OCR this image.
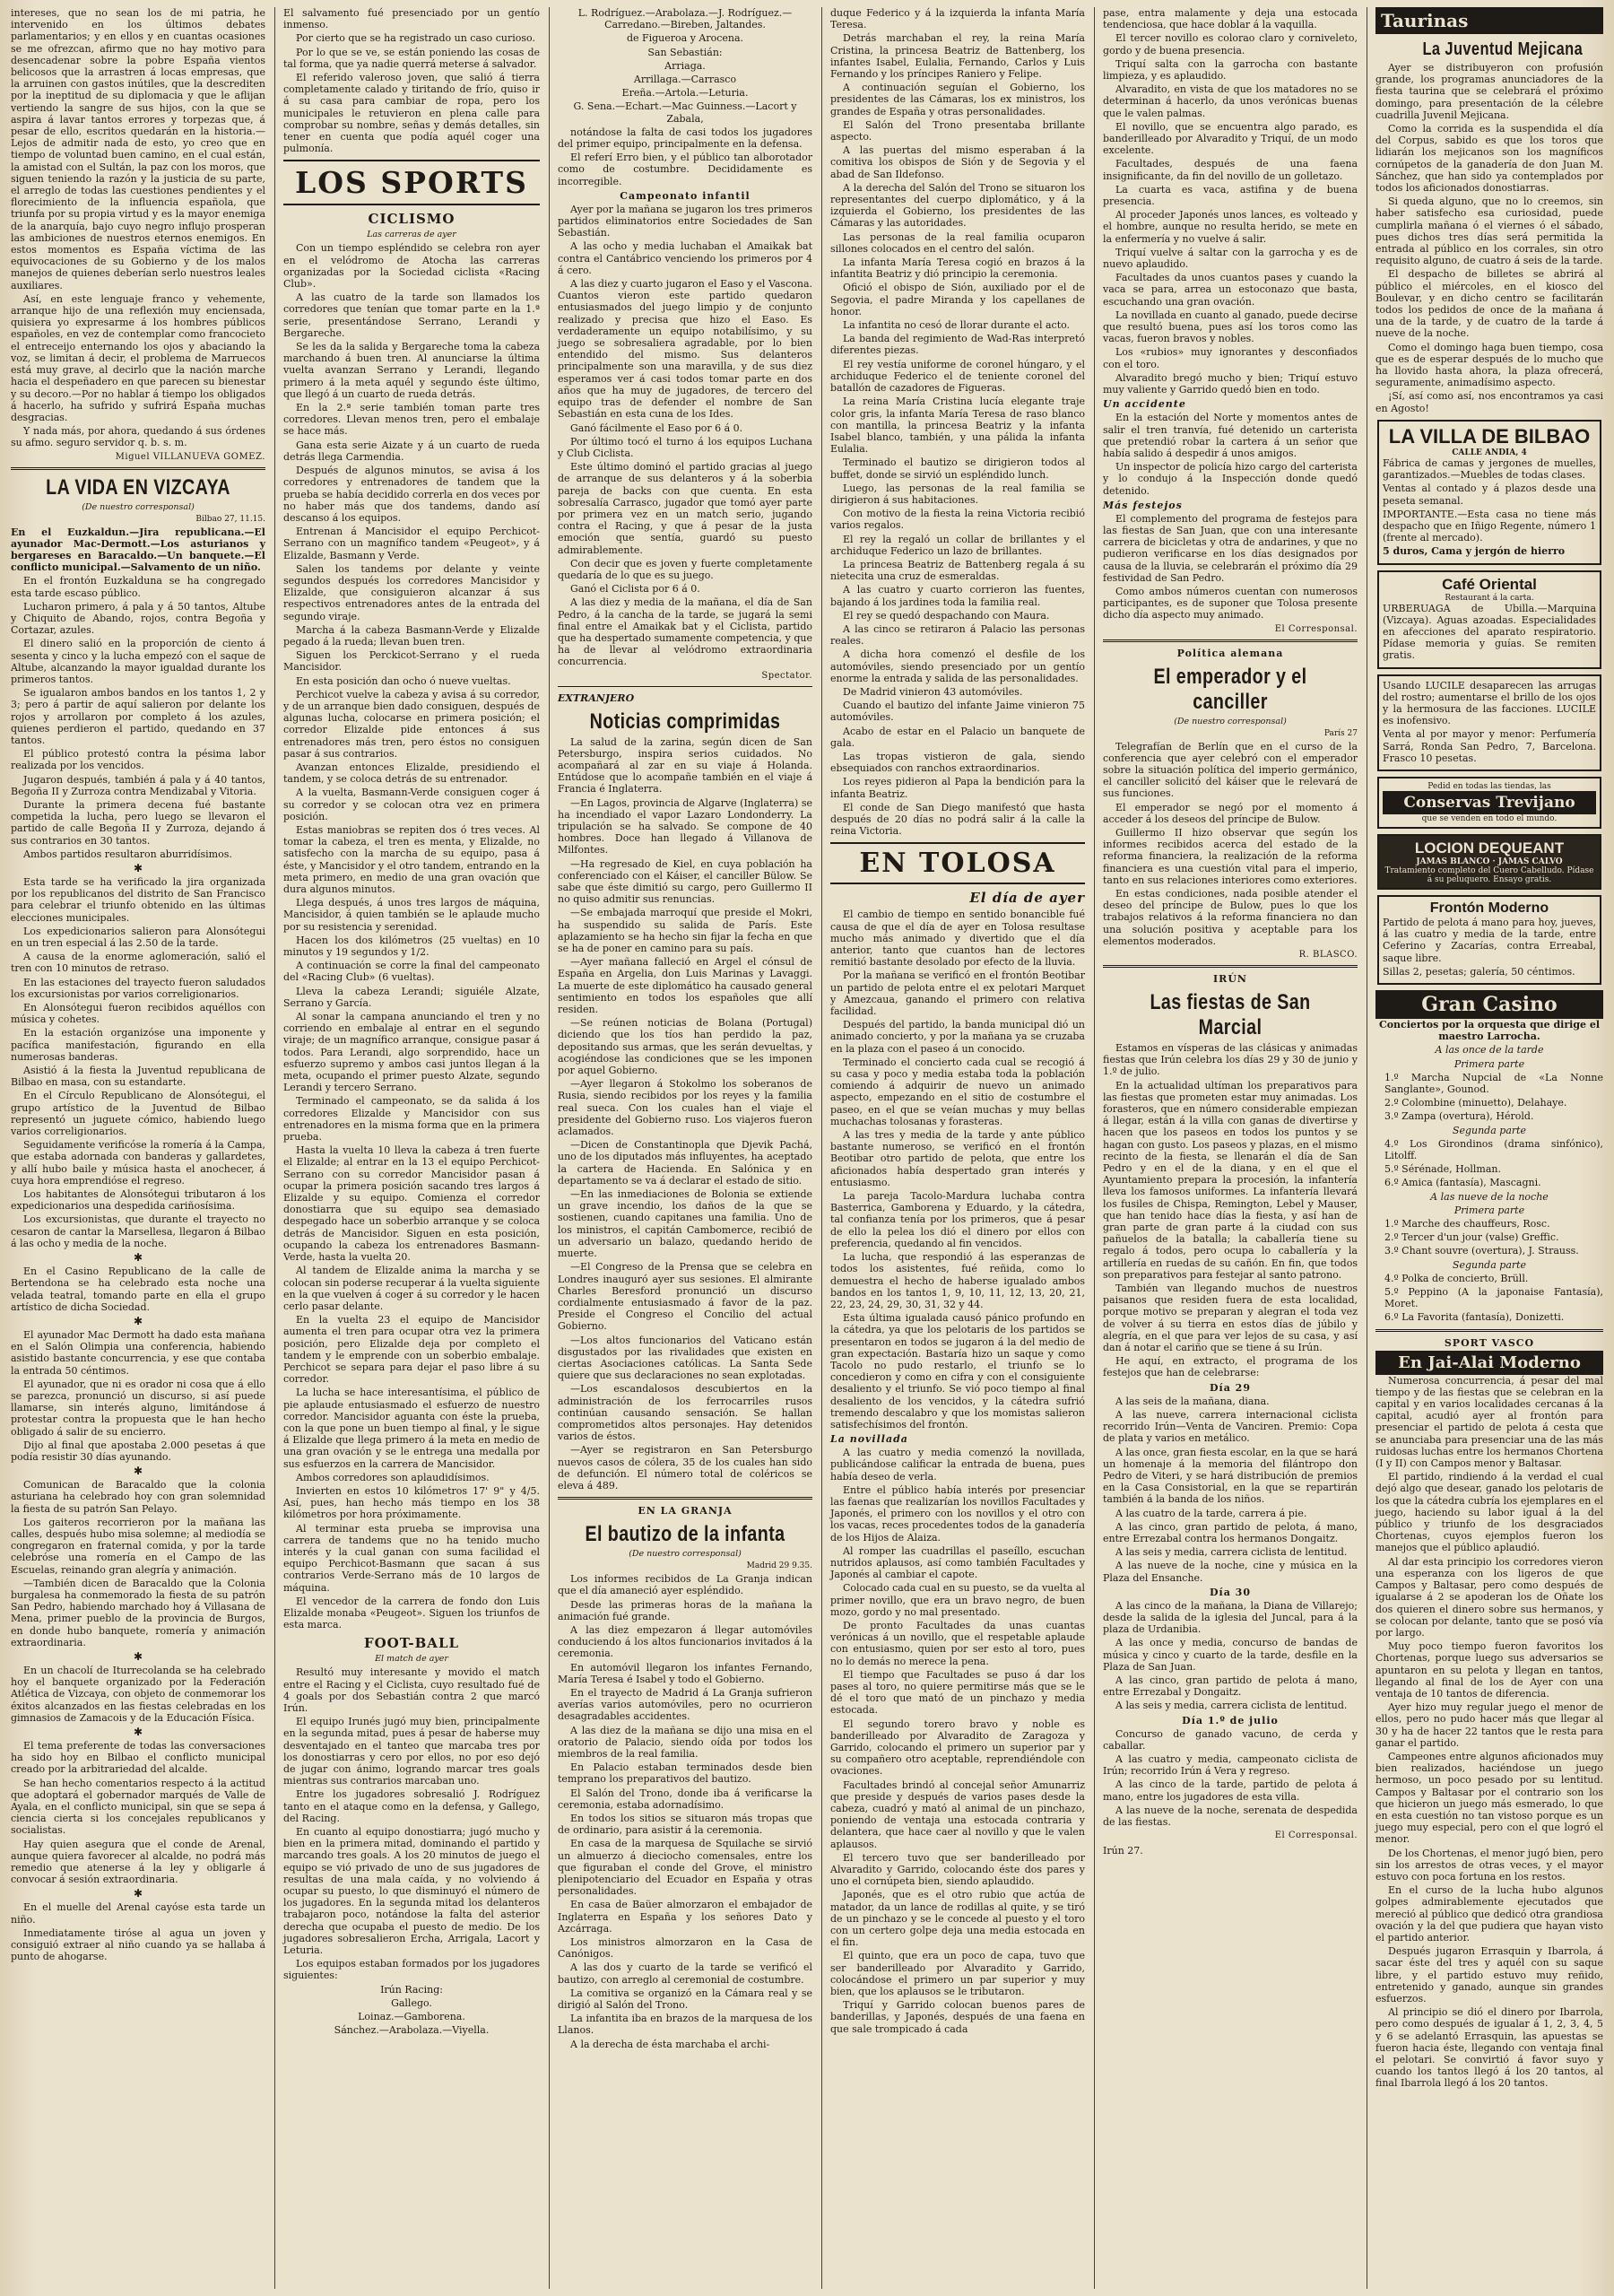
intereses, que no sean los de mi patria, he intervenido en los últimos debates parlamentarios; y en ellos y en cuantas ocasiones se me ofrezcan, afirmo que no hay motivo para desencadenar sobre la pobre España vientos belicosos que la arrastren á locas empresas, que la arruinen con gastos inútiles, que la descrediten por la ineptitud de su diplomacia y que le aflijan vertiendo la sangre de sus hijos, con la que se aspira á lavar tantos errores y torpezas que, á pesar de ello, escritos quedarán en la historia.—Lejos de admitir nada de esto, yo creo que en tiempo de voluntad buen camino, en el cual están, la amistad con el Sultán, la paz con los moros, que siguen teniendo la razón y la justicia de su parte, el arreglo de todas las cuestiones pendientes y el florecimiento de la influencia española, que triunfa por su propia virtud y es la mayor enemiga de la anarquía, bajo cuyo negro influjo prosperan las ambiciones de nuestros eternos enemigos. En estos momentos es España víctima de las equivocaciones de su Gobierno y de los malos manejos de quienes deberían serlo nuestros leales auxiliares.

Así, en este lenguaje franco y vehemente, arranque hijo de una reflexión muy enciensada, quisiera yo expresarme á los hombres públicos españoles, en vez de contemplar como francocieto el entreceijo enternando los ojos y abaciando la voz, se limitan á decir, el problema de Marruecos está muy grave, al decirlo que la nación marche hacia el despeñadero en que parecen su bienestar y su decoro.—Por no hablar á tiempo los obligados á hacerlo, ha sufrido y sufrirá España muchas desgracias.

Y nada más, por ahora, quedando á sus órdenes su afmo. seguro servidor q. b. s. m.

Miguel VILLANUEVA GOMEZ.
LA VIDA EN VIZCAYA
(De nuestro corresponsal)
Bilbao 27, 11.15.

En el Euzkaldun.—Jira republicana.—El ayunador Mac-Dermott.—Los asturianos y bergareses en Baracaldo.—Un banquete.—El conflicto municipal.—Salvamento de un niño.

En el frontón Euzkalduna se ha congregado esta tarde escaso público.

Lucharon primero, á pala y á 50 tantos, Altube y Chiquito de Abando, rojos, contra Begoña y Cortazar, azules.

El dinero salió en la proporción de ciento á sesenta y cinco y la lucha empezó con el saque de Altube, alcanzando la mayor igualdad durante los primeros tantos.

Se igualaron ambos bandos en los tantos 1, 2 y 3; pero á partir de aquí salieron por delante los rojos y arrollaron por completo á los azules, quienes perdieron el partido, quedando en 37 tantos.

El público protestó contra la pésima labor realizada por los vencidos.

Jugaron después, también á pala y á 40 tantos, Begoña II y Zurroza contra Mendizabal y Vitoria.

Durante la primera decena fué bastante competida la lucha, pero luego se llevaron el partido de calle Begoña II y Zurroza, dejando á sus contrarios en 30 tantos.

Ambos partidos resultaron aburridísimos.

✱

Esta tarde se ha verificado la jira organizada por los republicanos del distrito de San Francisco para celebrar el triunfo obtenido en las últimas elecciones municipales.

Los expedicionarios salieron para Alonsótegui en un tren especial á las 2.50 de la tarde.

A causa de la enorme aglomeración, salió el tren con 10 minutos de retraso.

En las estaciones del trayecto fueron saludados los excursionistas por varios correligionarios.

En Alonsótegui fueron recibidos aquéllos con música y cohetes.

En la estación organizóse una imponente y pacífica manifestación, figurando en ella numerosas banderas.

Asistió á la fiesta la Juventud republicana de Bilbao en masa, con su estandarte.

En el Círculo Republicano de Alonsótegui, el grupo artístico de la Juventud de Bilbao representó un juguete cómico, habiendo luego varios correligionarios.

Seguidamente verificóse la romería á la Campa, que estaba adornada con banderas y gallardetes, y allí hubo baile y música hasta el anochecer, á cuya hora emprendióse el regreso.

Los habitantes de Alonsótegui tributaron á los expedicionarios una despedida cariñosísima.

Los excursionistas, que durante el trayecto no cesaron de cantar la Marsellesa, llegaron á Bilbao á las ocho y media de la noche.

✱

En el Casino Republicano de la calle de Bertendona se ha celebrado esta noche una velada teatral, tomando parte en ella el grupo artístico de dicha Sociedad.

✱

El ayunador Mac Dermott ha dado esta mañana en el Salón Olimpia una conferencia, habiendo asistido bastante concurrencia, y ese que contaba la entrada 50 céntimos.

El ayunador, que ni es orador ni cosa que á ello se parezca, pronunció un discurso, si así puede llamarse, sin interés alguno, limitándose á protestar contra la propuesta que le han hecho obligado á salir de su encierro.

Dijo al final que apostaba 2.000 pesetas á que podía resistir 30 días ayunando.

✱

Comunican de Baracaldo que la colonia asturiana ha celebrado hoy con gran solemnidad la fiesta de su patrón San Pelayo.

Los gaiteros recorrieron por la mañana las calles, después hubo misa solemne; al mediodía se congregaron en fraternal comida, y por la tarde celebróse una romería en el Campo de las Escuelas, reinando gran alegría y animación.

—También dicen de Baracaldo que la Colonia burgalesa ha conmemorado la fiesta de su patrón San Pedro, habiendo marchado hoy á Villasana de Mena, primer pueblo de la provincia de Burgos, en donde hubo banquete, romería y animación extraordinaria.

✱

En un chacolí de Iturrecolanda se ha celebrado hoy el banquete organizado por la Federación Atlética de Vizcaya, con objeto de conmemorar los éxitos alcanzados en las fiestas celebradas en los gimnasios de Zamacois y de la Educación Física.

✱

El tema preferente de todas las conversaciones ha sido hoy en Bilbao el conflicto municipal creado por la arbitrariedad del alcalde.

Se han hecho comentarios respecto á la actitud que adoptará el gobernador marqués de Valle de Ayala, en el conflicto municipal, sin que se sepa á ciencia cierta si los concejales republicanos y socialistas.

Hay quien asegura que el conde de Arenal, aunque quiera favorecer al alcalde, no podrá más remedio que atenerse á la ley y obligarle á convocar á sesión extraordinaria.

✱

En el muelle del Arenal cayóse esta tarde un niño.

Inmediatamente tiróse al agua un joven y consiguió extraer al niño cuando ya se hallaba á punto de ahogarse.

El salvamento fué presenciado por un gentío inmenso.

Por cierto que se ha registrado un caso curioso.

Por lo que se ve, se están poniendo las cosas de tal forma, que ya nadie querrá meterse á salvador.

El referido valeroso joven, que salió á tierra completamente calado y tiritando de frío, quiso ir á su casa para cambiar de ropa, pero los municipales le retuvieron en plena calle para comprobar su nombre, señas y demás detalles, sin tener en cuenta que podía aquél coger una pulmonía.

LOS SPORTS
CICLISMO
Las carreras de ayer

Con un tiempo espléndido se celebra ron ayer en el velódromo de Atocha las carreras organizadas por la Sociedad ciclista «Racing Club».

A las cuatro de la tarde son llamados los corredores que tenían que tomar parte en la 1.ª serie, presentándose Serrano, Lerandi y Bergareche.

Se les da la salida y Bergareche toma la cabeza marchando á buen tren. Al anunciarse la última vuelta avanzan Serrano y Lerandi, llegando primero á la meta aquél y segundo éste último, que llegó á un cuarto de rueda detrás.

En la 2.ª serie también toman parte tres corredores. Llevan menos tren, pero el embalaje se hace más.

Gana esta serie Aizate y á un cuarto de rueda detrás llega Carmendia.

Después de algunos minutos, se avisa á los corredores y entrenadores de tandem que la prueba se había decidido correrla en dos veces por no haber más que dos tandems, dando así descanso á los equipos.

Entrenan á Mancisidor el equipo Perchicot-Serrano con un magnífico tandem «Peugeot», y á Elizalde, Basmann y Verde.

Salen los tandems por delante y veinte segundos después los corredores Mancisidor y Elizalde, que consiguieron alcanzar á sus respectivos entrenadores antes de la entrada del segundo viraje.

Marcha á la cabeza Basmann-Verde y Elizalde pegado á la rueda; llevan buen tren.

Siguen los Perckicot-Serrano y el rueda Mancisidor.

En esta posición dan ocho ó nueve vueltas.

Perchicot vuelve la cabeza y avisa á su corredor, y de un arranque bien dado consiguen, después de algunas lucha, colocarse en primera posición; el corredor Elizalde pide entonces á sus entrenadores más tren, pero éstos no consiguen pasar á sus contrarios.

Avanzan entonces Elizalde, presidiendo el tandem, y se coloca detrás de su entrenador.

A la vuelta, Basmann-Verde consiguen coger á su corredor y se colocan otra vez en primera posición.

Estas maniobras se repiten dos ó tres veces. Al tomar la cabeza, el tren es menta, y Elizalde, no satisfecho con la marcha de su equipo, pasa á éste, y Mancisidor y el otro tandem, entrando en la meta primero, en medio de una gran ovación que dura algunos minutos.

Llega después, á unos tres largos de máquina, Mancisidor, á quien también se le aplaude mucho por su resistencia y serenidad.

Hacen los dos kilómetros (25 vueltas) en 10 minutos y 19 segundos y 1/2.

A continuación se corre la final del campeonato del «Racing Club» (6 vueltas).

Lleva la cabeza Lerandi; siguiéle Alzate, Serrano y García.

Al sonar la campana anunciando el tren y no corriendo en embalaje al entrar en el segundo viraje; de un magnífico arranque, consigue pasar á todos. Para Lerandi, algo sorprendido, hace un esfuerzo supremo y ambos casi juntos llegan á la meta, ocupando el primer puesto Alzate, segundo Lerandi y tercero Serrano.

Terminado el campeonato, se da salida á los corredores Elizalde y Mancisidor con sus entrenadores en la misma forma que en la primera prueba.

Hasta la vuelta 10 lleva la cabeza á tren fuerte el Elizalde; al entrar en la 13 el equipo Perchicot-Serrano con su corredor Mancisidor pasan á ocupar la primera posición sacando tres largos á Elizalde y su equipo. Comienza el corredor donostiarra que su equipo sea demasiado despegado hace un soberbio arranque y se coloca detrás de Mancisidor. Siguen en esta posición, ocupando la cabeza los entrenadores Basmann-Verde, hasta la vuelta 20.

Al tandem de Elizalde anima la marcha y se colocan sin poderse recuperar á la vuelta siguiente en la que vuelven á coger á su corredor y le hacen cerlo pasar delante.

En la vuelta 23 el equipo de Mancisidor aumenta el tren para ocupar otra vez la primera posición, pero Elizalde deja por completo el tandem y le emprende con un soberbio embalaje. Perchicot se separa para dejar el paso libre á su corredor.

La lucha se hace interesantísima, el público de pie aplaude entusiasmado el esfuerzo de nuestro corredor. Mancisidor aguanta con éste la prueba, con la que pone un buen tiempo al final, y le sigue á Elizalde que llega primero á la meta en medio de una gran ovación y se le entrega una medalla por sus esfuerzos en la carrera de Mancisidor.

Ambos corredores son aplaudidísimos.

Invierten en estos 10 kilómetros 17' 9" y 4/5. Así, pues, han hecho más tiempo en los 38 kilómetros por hora próximamente.

Al terminar esta prueba se improvisa una carrera de tandems que no ha tenido mucho interés y la cual ganan con suma facilidad el equipo Perchicot-Basmann que sacan á sus contrarios Verde-Serrano más de 10 largos de máquina.

El vencedor de la carrera de fondo don Luis Elizalde monaba «Peugeot». Siguen los triunfos de esta marca.

FOOT-BALL
El match de ayer

Resultó muy interesante y movido el match entre el Racing y el Ciclista, cuyo resultado fué de 4 goals por dos Sebastián contra 2 que marcó Irún.

El equipo Irunés jugó muy bien, principalmente en la segunda mitad, pues á pesar de haberse muy desventajado en el tanteo que marcaba tres por los donostiarras y cero por ellos, no por eso dejó de jugar con ánimo, logrando marcar tres goals mientras sus contrarios marcaban uno.

Entre los jugadores sobresalió J. Rodríguez tanto en el ataque como en la defensa, y Gallego, del Racing.

En cuanto al equipo donostiarra; jugó mucho y bien en la primera mitad, dominando el partido y marcando tres goals. A los 20 minutos de juego el equipo se vió privado de uno de sus jugadores de resultas de una mala caída, y no volviendo á ocupar su puesto, lo que disminuyó el número de los jugadores. En la segunda mitad los delanteros trabajaron poco, notándose la falta del asterior derecha que ocupaba el puesto de medio. De los jugadores sobresalieron Ercha, Arrigala, Lacort y Leturia.

Los equipos estaban formados por los jugadores siguientes:

Irún Racing:

Gallego.

Loinaz.—Gamborena.

Sánchez.—Arabolaza.—Viyella.

L. Rodríguez.—Arabolaza.—J. Rodríguez.—Carredano.—Bireben, Jaltandes.

de Figueroa y Arocena.

San Sebastián:

Arriaga.

Arrillaga.—Carrasco

Ereña.—Artola.—Leturia.

G. Sena.—Echart.—Mac Guinness.—Lacort y Zabala,

notándose la falta de casi todos los jugadores del primer equipo, principalmente en la defensa.

El referí Erro bien, y el público tan alborotador como de costumbre. Decididamente es incorregible.

Campeonato infantil

Ayer por la mañana se jugaron los tres primeros partidos eliminatorios entre Sociedades de San Sebastián.

A las ocho y media luchaban el Amaikak bat contra el Cantábrico venciendo los primeros por 4 á cero.

A las diez y cuarto jugaron el Easo y el Vascona. Cuantos vieron este partido quedaron entusiasmados del juego limpio y de conjunto realizado y precisa que hizo el Easo. Es verdaderamente un equipo notabilísimo, y su juego se sobresaliera agradable, por lo bien entendido del mismo. Sus delanteros principalmente son una maravilla, y de sus diez esperamos ver á casi todos tomar parte en dos años que ha muy de jugadores, de tercero del equipo tras de defender el nombre de San Sebastián en esta cuna de los Ides.

Ganó fácilmente el Easo por 6 á 0.

Por último tocó el turno á los equipos Luchana y Club Ciclista.

Este último dominó el partido gracias al juego de arranque de sus delanteros y á la soberbia pareja de backs con que cuenta. En esta sobresalía Carrasco, jugador que tomó ayer parte por primera vez en un match serio, jugando contra el Racing, y que á pesar de la justa emoción que sentía, guardó su puesto admirablemente.

Con decir que es joven y fuerte completamente quedaría de lo que es su juego.

Ganó el Ciclista por 6 á 0.

A las diez y media de la mañana, el día de San Pedro, á la cancha de la tarde, se jugará la semi final entre el Amaikak bat y el Ciclista, partido que ha despertado sumamente competencia, y que ha de llevar al velódromo extraordinaria concurrencia.

Spectator.
EXTRANJERO
Noticias comprimidas

La salud de la zarina, según dicen de San Petersburgo, inspira serios cuidados. No acompañará al zar en su viaje á Holanda. Entúdose que lo acompañe también en el viaje á Francia é Inglaterra.

—En Lagos, provincia de Algarve (Inglaterra) se ha incendiado el vapor Lazaro Londonderry. La tripulación se ha salvado. Se compone de 40 hombres. Doce han llegado á Villanova de Milfontes.

—Ha regresado de Kiel, en cuya población ha conferenciado con el Káiser, el canciller Bülow. Se sabe que éste dimitió su cargo, pero Guillermo II no quiso admitir sus renuncias.

—Se embajada marroquí que preside el Mokri, ha suspendido su salida de París. Este aplazamiento se ha hecho sin fijar la fecha en que se ha de poner en camino para su país.

—Ayer mañana falleció en Argel el cónsul de España en Argelia, don Luis Marinas y Lavaggi. La muerte de este diplomático ha causado general sentimiento en todos los españoles que allí residen.

—Se reúnen noticias de Bolana (Portugal) diciendo que los tíos han perdido la paz, depositando sus armas, que les serán devueltas, y acogiéndose las condiciones que se les imponen por aquel Gobierno.

—Ayer llegaron á Stokolmo los soberanos de Rusia, siendo recibidos por los reyes y la familia real sueca. Con los cuales han el viaje el presidente del Gobierno ruso. Los viajeros fueron aclamados.

—Dicen de Constantinopla que Djevik Pachá, uno de los diputados más influyentes, ha aceptado la cartera de Hacienda. En Salónica y en departamento se va á declarar el estado de sitio.

—En las inmediaciones de Bolonia se extiende un grave incendio, los daños de la que se sostienen, cuando capitanes una familia. Uno de los ministros, el capitán Cambomerce, recibió de un adversario un balazo, quedando herido de muerte.

—El Congreso de la Prensa que se celebra en Londres inauguró ayer sus sesiones. El almirante Charles Beresford pronunció un discurso cordialmente entusiasmado á favor de la paz. Preside el Congreso el Concilio del actual Gobierno.

—Los altos funcionarios del Vaticano están disgustados por las rivalidades que existen en ciertas Asociaciones católicas. La Santa Sede quiere que sus declaraciones no sean explotadas.

—Los escandalosos descubiertos en la administración de los ferrocarriles rusos continúan causando sensación. Se hallan comprometidos altos personajes. Hay detenidos varios de éstos.

—Ayer se registraron en San Petersburgo nuevos casos de cólera, 35 de los cuales han sido de defunción. El número total de coléricos se eleva á 489.

EN LA GRANJA
El bautizo de la infanta
(De nuestro corresponsal)
Madrid 29 9.35.

Los informes recibidos de La Granja indican que el día amaneció ayer espléndido.

Desde las primeras horas de la mañana la animación fué grande.

A las diez empezaron á llegar automóviles conduciendo á los altos funcionarios invitados á la ceremonia.

En automóvil llegaron los infantes Fernando, María Teresa é Isabel y todo el Gobierno.

En el trayecto de Madrid á La Granja sufrieron averías varios automóviles, pero no ocurrieron desagradables accidentes.

A las diez de la mañana se dijo una misa en el oratorio de Palacio, siendo oída por todos los miembros de la real familia.

En Palacio estaban terminados desde bien temprano los preparativos del bautizo.

El Salón del Trono, donde iba á verificarse la ceremonia, estaba adornadísimo.

En todos los sitios se situaron más tropas que de ordinario, para asistir á la ceremonia.

En casa de la marquesa de Squilache se sirvió un almuerzo á dieciocho comensales, entre los que figuraban el conde del Grove, el ministro plenipotenciario del Ecuador en España y otras personalidades.

En casa de Baüer almorzaron el embajador de Inglaterra en España y los señores Dato y Azcárraga.

Los ministros almorzaron en la Casa de Canónigos.

A las dos y cuarto de la tarde se verificó el bautizo, con arreglo al ceremonial de costumbre.

La comitiva se organizó en la Cámara real y se dirigió al Salón del Trono.

La infantita iba en brazos de la marquesa de los Llanos.

A la derecha de ésta marchaba el archi-

duque Federico y á la izquierda la infanta María Teresa.

Detrás marchaban el rey, la reina María Cristina, la princesa Beatriz de Battenberg, los infantes Isabel, Eulalia, Fernando, Carlos y Luis Fernando y los príncipes Raniero y Felipe.

A continuación seguían el Gobierno, los presidentes de las Cámaras, los ex ministros, los grandes de España y otras personalidades.

El Salón del Trono presentaba brillante aspecto.

A las puertas del mismo esperaban á la comitiva los obispos de Sión y de Segovia y el abad de San Ildefonso.

A la derecha del Salón del Trono se situaron los representantes del cuerpo diplomático, y á la izquierda el Gobierno, los presidentes de las Cámaras y las autoridades.

Las personas de la real familia ocuparon sillones colocados en el centro del salón.

La infanta María Teresa cogió en brazos á la infantita Beatriz y dió principio la ceremonia.

Ofició el obispo de Sión, auxiliado por el de Segovia, el padre Miranda y los capellanes de honor.

La infantita no cesó de llorar durante el acto.

La banda del regimiento de Wad-Ras interpretó diferentes piezas.

El rey vestía uniforme de coronel húngaro, y el archiduque Federico el de teniente coronel del batallón de cazadores de Figueras.

La reina María Cristina lucía elegante traje color gris, la infanta María Teresa de raso blanco con mantilla, la princesa Beatriz y la infanta Isabel blanco, también, y una pálida la infanta Eulalia.

Terminado el bautizo se dirigieron todos al buffet, donde se sirvió un espléndido lunch.

Luego, las personas de la real familia se dirigieron á sus habitaciones.

Con motivo de la fiesta la reina Victoria recibió varios regalos.

El rey la regaló un collar de brillantes y el archiduque Federico un lazo de brillantes.

La princesa Beatriz de Battenberg regala á su nietecita una cruz de esmeraldas.

A las cuatro y cuarto corrieron las fuentes, bajando á los jardines toda la familia real.

El rey se quedó despachando con Maura.

A las cinco se retiraron á Palacio las personas reales.

A dicha hora comenzó el desfile de los automóviles, siendo presenciado por un gentío enorme la entrada y salida de las personalidades.

De Madrid vinieron 43 automóviles.

Cuando el bautizo del infante Jaime vinieron 75 automóviles.

Acabo de estar en el Palacio un banquete de gala.

Las tropas vistieron de gala, siendo ebsequiados con ranchos extraordinarios.

Los reyes pidieron al Papa la bendición para la infanta Beatriz.

El conde de San Diego manifestó que hasta después de 20 días no podrá salir á la calle la reina Victoria.

EN TOLOSA
El día de ayer

El cambio de tiempo en sentido bonancible fué causa de que el día de ayer en Tolosa resultase mucho más animado y divertido que el día anterior, tanto que cuantos han de lectores remitió bastante desolado por efecto de la lluvia.

Por la mañana se verificó en el frontón Beotibar un partido de pelota entre el ex pelotari Marquet y Amezcaua, ganando el primero con relativa facilidad.

Después del partido, la banda municipal dió un animado concierto, y por la mañana ya se cruzaba en la plaza con el paseo á un conocido.

Terminado el concierto cada cual se recogió á su casa y poco y media estaba toda la población comiendo á adquirir de nuevo un animado aspecto, empezando en el sitio de costumbre el paseo, en el que se veían muchas y muy bellas muchachas tolosanas y forasteras.

A las tres y media de la tarde y ante público bastante numeroso, se verificó en el frontón Beotibar otro partido de pelota, que entre los aficionados había despertado gran interés y entusiasmo.

La pareja Tacolo-Mardura luchaba contra Basterrica, Gamborena y Eduardo, y la cátedra, tal confianza tenía por los primeros, que á pesar de ello la pelea los dió el dinero por ellos con preferencia, quedando al fin vencidos.

La lucha, que respondió á las esperanzas de todos los asistentes, fué reñida, como lo demuestra el hecho de haberse igualado ambos bandos en los tantos 1, 9, 10, 11, 12, 13, 20, 21, 22, 23, 24, 29, 30, 31, 32 y 44.

Esta última igualada causó pánico profundo en la cátedra, ya que los pelotaris de los partidos se presentaron en todos se jugaron á la del medio de gran expectación. Bastaría hizo un saque y como Tacolo no pudo restarlo, el triunfo se lo concedieron y como en cifra y con el consiguiente desaliento y el triunfo. Se vió poco tiempo al final desaliento de los vencidos, y la cátedra sufrió tremendo descalabro y que los momistas salieron satisfechísimos del frontón.

La novillada

A las cuatro y media comenzó la novillada, publicándose calificar la entrada de buena, pues había deseo de verla.

Entre el público había interés por presenciar las faenas que realizarían los novillos Facultades y Japonés, el primero con los novillos y el otro con los vacas, reces procedentes todos de la ganadería de los Hijos de Alaiza.

Al romper las cuadrillas el paseíllo, escuchan nutridos aplausos, así como también Facultades y Japonés al cambiar el capote.

Colocado cada cual en su puesto, se da vuelta al primer novillo, que era un bravo negro, de buen mozo, gordo y no mal presentado.

De pronto Facultades da unas cuantas verónicas á un novillo, que el respetable aplaude con entusiasmo, quien por ser esto al toro, pues no lo demás no merece la pena.

El tiempo que Facultades se puso á dar los pases al toro, no quiere permitirse más que se le dé el toro que mató de un pinchazo y media estocada.

El segundo torero bravo y noble es banderilleado por Alvaradito de Zaragoza y Garrido, colocando el primero un superior par y su compañero otro aceptable, reprendiéndole con ovaciones.

Facultades brindó al concejal señor Amunarriz que preside y después de varios pases desde la cabeza, cuadró y mató al animal de un pinchazo, poniendo de ventaja una estocada contraria y delantera, que hace caer al novillo y que le valen aplausos.

El tercero tuvo que ser banderilleado por Alvaradito y Garrido, colocando éste dos pares y uno el cornúpeta bien, siendo aplaudido.

Japonés, que es el otro rubio que actúa de matador, da un lance de rodillas al quite, y se tiró de un pinchazo y se le concede al puesto y el toro con un certero golpe deja una media estocada en el fin.

El quinto, que era un poco de capa, tuvo que ser banderilleado por Alvaradito y Garrido, colocándose el primero un par superior y muy bien, que los aplausos se le tributaron.

Triquí y Garrido colocan buenos pares de banderillas, y Japonés, después de una faena en que sale trompicado á cada

pase, entra malamente y deja una estocada tendenciosa, que hace doblar á la vaquilla.

El tercer novillo es colorao claro y corniveleto, gordo y de buena presencia.

Triquí salta con la garrocha con bastante limpieza, y es aplaudido.

Alvaradito, en vista de que los matadores no se determinan á hacerlo, da unos verónicas buenas que le valen palmas.

El novillo, que se encuentra algo parado, es banderilleado por Alvaradito y Triquí, de un modo excelente.

Facultades, después de una faena insignificante, da fin del novillo de un golletazo.

La cuarta es vaca, astifina y de buena presencia.

Al proceder Japonés unos lances, es volteado y el hombre, aunque no resulta herido, se mete en la enfermería y no vuelve á salir.

Triquí vuelve á saltar con la garrocha y es de nuevo aplaudido.

Facultades da unos cuantos pases y cuando la vaca se para, arrea un estoconazo que basta, escuchando una gran ovación.

La novillada en cuanto al ganado, puede decirse que resultó buena, pues así los toros como las vacas, fueron bravos y nobles.

Los «rubios» muy ignorantes y desconfiados con el toro.

Alvaradito bregó mucho y bien; Triquí estuvo muy valiente y Garrido quedó bien en todo.

Un accidente

En la estación del Norte y momentos antes de salir el tren tranvía, fué detenido un carterista que pretendió robar la cartera á un señor que había salido á despedir á unos amigos.

Un inspector de policía hizo cargo del carterista y lo condujo á la Inspección donde quedó detenido.

Más festejos

El complemento del programa de festejos para las fiestas de San Juan, que con una interesante carrera de bicicletas y otra de andarines, y que no pudieron verificarse en los días designados por causa de la lluvia, se celebrarán el próximo día 29 festividad de San Pedro.

Como ambos números cuentan con numerosos participantes, es de suponer que Tolosa presente dicho día aspecto muy animado.

El Corresponsal.
Política alemana
El emperador y el canciller
(De nuestro corresponsal)
París 27

Telegrafían de Berlín que en el curso de la conferencia que ayer celebró con el emperador sobre la situación política del imperio germánico, el canciller solicitó del káiser que le relevará de sus funciones.

El emperador se negó por el momento á acceder á los deseos del príncipe de Bulow.

Guillermo II hizo observar que según los informes recibidos acerca del estado de la reforma financiera, la realización de la reforma financiera es una cuestión vital para el imperio, tanto en sus relaciones interiores como exteriores.

En estas condiciones, nada posible atender el deseo del príncipe de Bulow, pues lo que los trabajos relativos á la reforma financiera no dan una solución positiva y aceptable para los elementos moderados.

R. BLASCO.
IRÚN
Las fiestas de San Marcial

Estamos en vísperas de las clásicas y animadas fiestas que Irún celebra los días 29 y 30 de junio y 1.º de julio.

En la actualidad ultíman los preparativos para las fiestas que prometen estar muy animadas. Los forasteros, que en número considerable empiezan á llegar, están á la villa con ganas de divertirse y hacen que los paseos en todos los puntos y se hagan con gusto. Los paseos y plazas, en el mismo recinto de la fiesta, se llenarán el día de San Pedro y en el de la diana, y en el que el Ayuntamiento prepara la procesión, la infantería lleva los famosos uniformes. La infantería llevará los fusiles de Chispa, Remington, Lebel y Mauser, que han tenido hace días la fiesta, y así han de gran parte de gran parte á la ciudad con sus pañuelos de la batalla; la caballería tiene su regalo á todos, pero ocupa lo caballería y la artillería en ruedas de su cañón. En fin, que todos son preparativos para festejar al santo patrono.

También van llegando muchos de nuestros paisanos que residen fuera de esta localidad, porque motivo se preparan y alegran el toda vez de volver á su tierra en estos días de júbilo y alegría, en el que para ver lejos de su casa, y así dan á notar el cariño que se tiene á su Irún.

He aquí, en extracto, el programa de los festejos que han de celebrarse:

Día 29

A las seis de la mañana, diana.

A las nueve, carrera internacional ciclista recorrido Irún—Venta de Vanciren. Premio: Copa de plata y varios en metálico.

A las once, gran fiesta escolar, en la que se hará un homenaje á la memoria del filántropo don Pedro de Viteri, y se hará distribución de premios en la Casa Consistorial, en la que se repartirán también á la banda de los niños.

A las cuatro de la tarde, carrera á pie.

A las cinco, gran partido de pelota, á mano, entre Errezabal contra los hermanos Dongaitz.

A las seis y media, carrera ciclista de lentitud.

A las nueve de la noche, cine y música en la Plaza del Ensanche.

Día 30

A las cinco de la mañana, la Diana de Villarejo; desde la salida de la iglesia del Juncal, para á la plaza de Urdanibia.

A las once y media, concurso de bandas de música y cinco y cuarto de la tarde, desfile en la Plaza de San Juan.

A las cinco, gran partido de pelota á mano, entre Errezabal y Dongaitz.

A las seis y media, carrera ciclista de lentitud.

Día 1.º de julio

Concurso de ganado vacuno, de cerda y caballar.

A las cuatro y media, campeonato ciclista de Irún; recorrido Irún á Vera y regreso.

A las cinco de la tarde, partido de pelota á mano, entre los jugadores de esta villa.

A las nueve de la noche, serenata de despedida de las fiestas.

El Corresponsal.

Irún 27.

Taurinas
La Juventud Mejicana

Ayer se distribuyeron con profusión grande, los programas anunciadores de la fiesta taurina que se celebrará el próximo domingo, para presentación de la célebre cuadrilla Juvenil Mejicana.

Como la corrida es la suspendida el día del Corpus, sabido es que los toros que lidiarán los mejicanos son los magníficos cornúpetos de la ganadería de don Juan M. Sánchez, que han sido ya contemplados por todos los aficionados donostiarras.

Si queda alguno, que no lo creemos, sin haber satisfecho esa curiosidad, puede cumplirla mañana ó el viernes ó el sábado, pues dichos tres días será permitida la entrada al público en los corrales, sin otro requisito alguno, de cuatro á seis de la tarde.

El despacho de billetes se abrirá al público el miércoles, en el kiosco del Boulevar, y en dicho centro se facilitarán todos los pedidos de once de la mañana á una de la tarde, y de cuatro de la tarde á nueve de la noche.

Como el domingo haga buen tiempo, cosa que es de esperar después de lo mucho que ha llovido hasta ahora, la plaza ofrecerá, seguramente, animadísimo aspecto.

¡Sí, así como así, nos encontramos ya casi en Agosto!

LA VILLA DE BILBAO
CALLE ANDIA, 4

Fábrica de camas y jergones de muelles, garantizados.—Muebles de todas clases.

Ventas al contado y á plazos desde una peseta semanal.

IMPORTANTE.—Esta casa no tiene más despacho que en Iñigo Regente, número 1 (frente al mercado).

5 duros, Cama y jergón de hierro

Café Oriental
Restaurant á la carta.

URBERUAGA de Ubilla.—Marquina (Vizcaya). Aguas azoadas. Especialidades en afecciones del aparato respiratorio. Pídase memoria y guías. Se remiten gratis.

Usando LUCILE desaparecen las arrugas del rostro; aumentarse el brillo de los ojos y la hermosura de las facciones. LUCILE es inofensivo.

Venta al por mayor y menor: Perfumería Sarrá, Ronda San Pedro, 7, Barcelona. Frasco 10 pesetas.

Pedid en todas las tiendas, las
Conservas Trevijano
que se venden en todo el mundo.
LOCION DEQUEANT
JAMAS BLANCO · JAMAS CALVO
Tratamiento completo del Cuero Cabelludo. Pídase á su peluquero. Ensayo gratis.
Frontón Moderno

Partido de pelota á mano para hoy, jueves, á las cuatro y media de la tarde, entre Ceferino y Zacarías, contra Erreabal, saque libre.

Sillas 2, pesetas; galería, 50 céntimos.

Gran Casino

Conciertos por la orquesta que dirige el maestro Larrocha.

A las once de la tarde

Primera parte

1.º Marcha Nupcial de «La Nonne Sanglante», Gounod.

2.º Colombine (minuetto), Delahaye.

3.º Zampa (overtura), Hérold.

Segunda parte

4.º Los Girondinos (drama sinfónico), Litolff.

5.º Sérénade, Hollman.

6.º Amica (fantasía), Mascagni.

A las nueve de la noche

Primera parte

1.º Marche des chauffeurs, Rosc.

2.º Tercer d'un jour (valse) Greffic.

3.º Chant souvre (overtura), J. Strauss.

Segunda parte

4.º Polka de concierto, Brüll.

5.º Peppino (A la japonaise Fantasía), Moret.

6.º La Favorita (fantasía), Donizetti.

SPORT VASCO
En Jai-Alai Moderno

Numerosa concurrencia, á pesar del mal tiempo y de las fiestas que se celebran en la capital y en varios localidades cercanas á la capital, acudió ayer al frontón para presenciar el partido de pelota á cesta que se anunciaba para presenciar una de las más ruidosas luchas entre los hermanos Chortena (I y II) con Campos menor y Baltasar.

El partido, rindiendo á la verdad el cual dejó algo que desear, ganado los pelotaris de los que la cátedra cubría los ejemplares en el juego, haciendo su labor igual á la del público y triunfo de los desgraciados Chortenas, cuyos ejemplos fueron los manejos que el público aplaudió.

Al dar esta principio los corredores vieron una esperanza con los ligeros de que Campos y Baltasar, pero como después de igualarse á 2 se apoderan los de Oñate los dos quieren el dinero sobre sus hermanos, y se colocan por delante, tanto que se posó vía por largo.

Muy poco tiempo fueron favoritos los Chortenas, porque luego sus adversarios se apuntaron en su pelota y llegan en tantos, llegando al final de los de Ayer con una ventaja de 10 tantos de diferencia.

Ayer hizo muy regular juego el menor de ellos, pero no pudo hacer más que llegar al 30 y ha de hacer 22 tantos que le resta para ganar el partido.

Campeones entre algunos aficionados muy bien realizados, haciéndose un juego hermoso, un poco pesado por su lentitud. Campos y Baltasar por el contrario son los que hicieron un juego más esmerado, lo que en esta cuestión no tan vistoso porque es un juego muy especial, pero con el que logró el menor.

De los Chortenas, el menor jugó bien, pero sin los arrestos de otras veces, y el mayor estuvo con poca fortuna en los restos.

En el curso de la lucha hubo algunos golpes admirablemente ejecutados que mereció al público que dedicó otra grandiosa ovación y la del que pudiera que hayan visto el partido anterior.

Después jugaron Errasquin y Ibarrola, á sacar éste del tres y aquél con su saque libre, y el partido estuvo muy reñido, entretenido y ganado, aunque sin grandes esfuerzos.

Al principio se dió el dinero por Ibarrola, pero como después de igualar á 1, 2, 3, 4, 5 y 6 se adelantó Errasquin, las apuestas se fueron hacia éste, llegando con ventaja final el pelotari. Se convirtió á favor suyo y cuando los tantos llegó á los 20 tantos, al final Ibarrola llegó á los 20 tantos.
